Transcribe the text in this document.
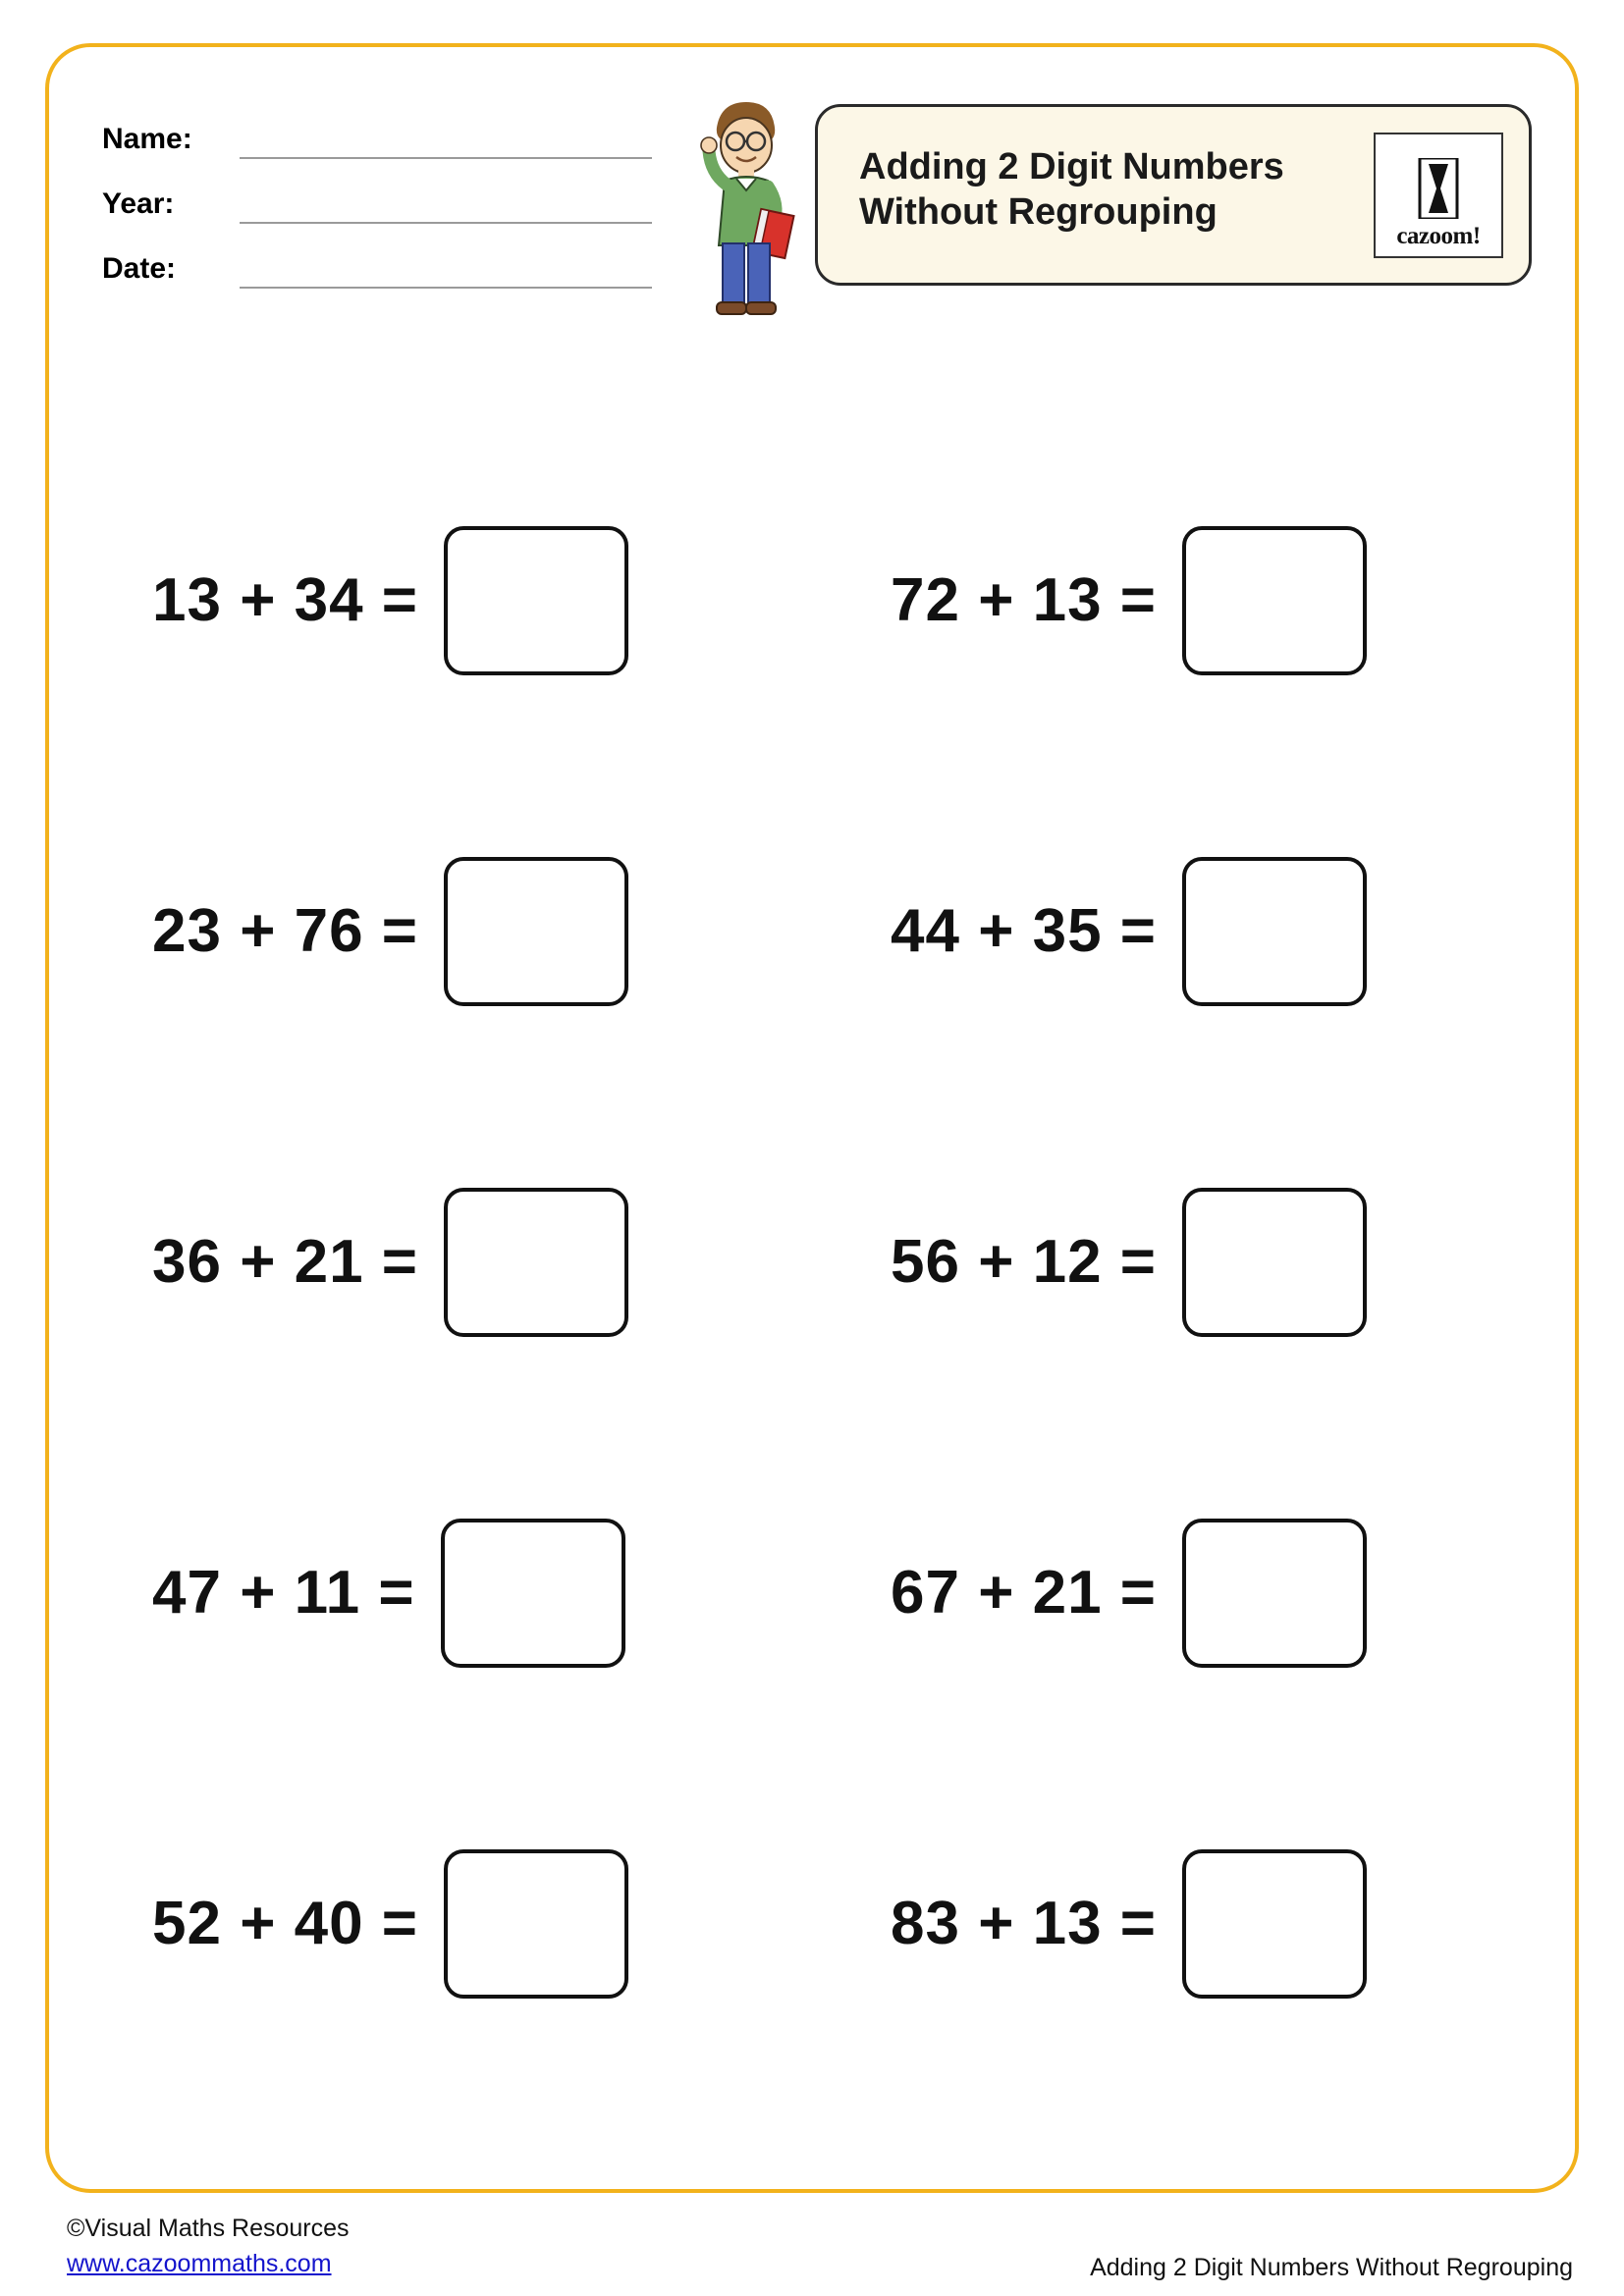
Name:
Year:
Date:
Adding 2 Digit Numbers Without Regrouping
cazoom!
13 + 34 =	72 + 13 =
23 + 76 =	44 + 35 =
36 + 21 =	56 + 12 =
47 + 11 =	67 + 21 =
52 + 40 =	83 + 13 =
©Visual Maths Resources
www.cazoommaths.com	Adding 2 Digit Numbers Without Regrouping
